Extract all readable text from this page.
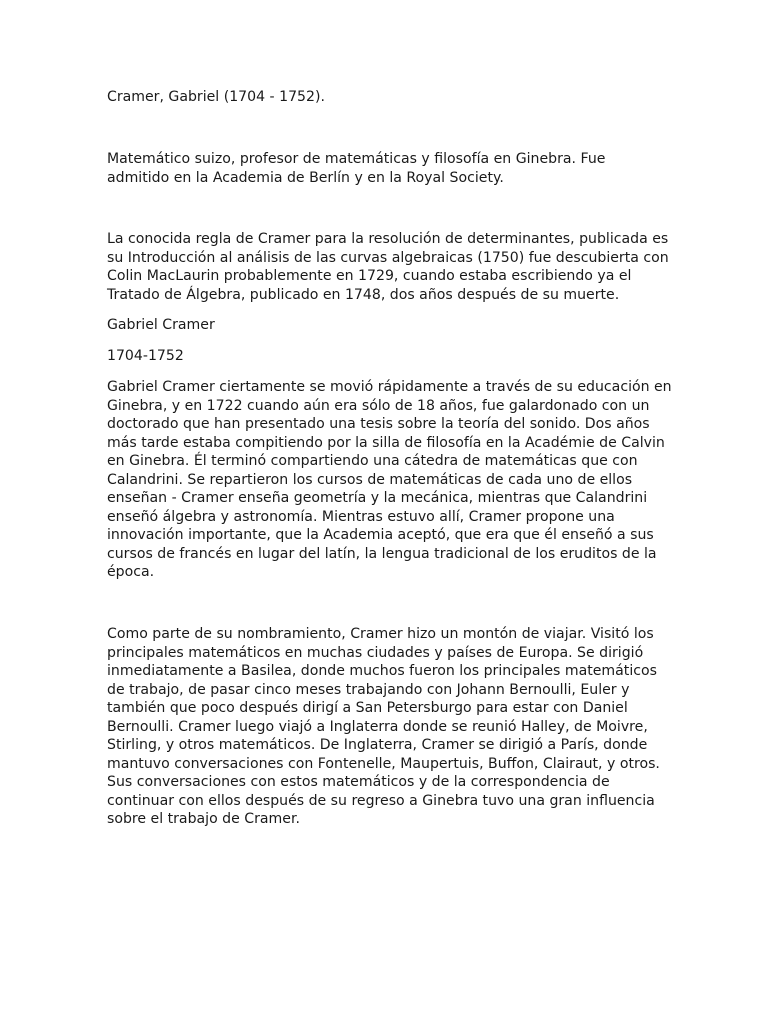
Cramer, Gabriel (1704 - 1752).

Matemático suizo, profesor de matemáticas y filosofía en Ginebra. Fue
admitido en la Academia de Berlín y en la Royal Society.

La conocida regla de Cramer para la resolución de determinantes, publicada es
su Introducción al análisis de las curvas algebraicas (1750) fue descubierta con
Colin MacLaurin probablemente en 1729, cuando estaba escribiendo ya el
Tratado de Álgebra, publicado en 1748, dos años después de su muerte.

Gabriel Cramer

1704-1752

Gabriel Cramer ciertamente se movió rápidamente a través de su educación en
Ginebra, y en 1722 cuando aún era sólo de 18 años, fue galardonado con un
doctorado que han presentado una tesis sobre la teoría del sonido. Dos años
más tarde estaba compitiendo por la silla de filosofía en la Académie de Calvin
en Ginebra. Él terminó compartiendo una cátedra de matemáticas que con
Calandrini. Se repartieron los cursos de matemáticas de cada uno de ellos
enseñan - Cramer enseña geometría y la mecánica, mientras que Calandrini
enseñó álgebra y astronomía. Mientras estuvo allí, Cramer propone una
innovación importante, que la Academia aceptó, que era que él enseñó a sus
cursos de francés en lugar del latín, la lengua tradicional de los eruditos de la
época.

Como parte de su nombramiento, Cramer hizo un montón de viajar. Visitó los
principales matemáticos en muchas ciudades y países de Europa. Se dirigió
inmediatamente a Basilea, donde muchos fueron los principales matemáticos
de trabajo, de pasar cinco meses trabajando con Johann Bernoulli, Euler y
también que poco después dirigí a San Petersburgo para estar con Daniel
Bernoulli. Cramer luego viajó a Inglaterra donde se reunió Halley, de Moivre,
Stirling, y otros matemáticos. De Inglaterra, Cramer se dirigió a París, donde
mantuvo conversaciones con Fontenelle, Maupertuis, Buffon, Clairaut, y otros.
Sus conversaciones con estos matemáticos y de la correspondencia de
continuar con ellos después de su regreso a Ginebra tuvo una gran influencia
sobre el trabajo de Cramer.
